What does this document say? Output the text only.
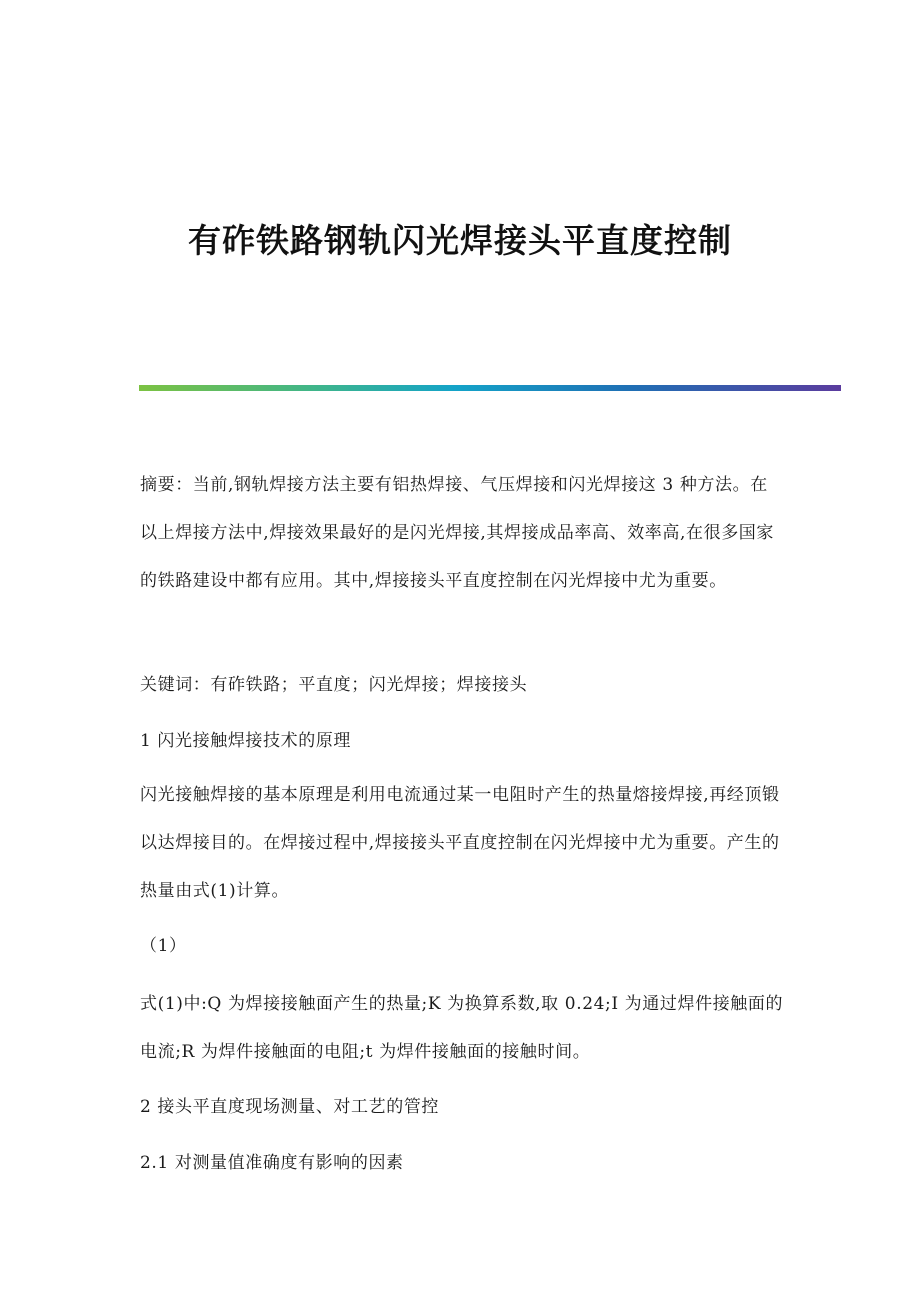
有砟铁路钢轨闪光焊接头平直度控制

摘要：当前,钢轨焊接方法主要有铝热焊接、气压焊接和闪光焊接这 3 种方法。在以上焊接方法中,焊接效果最好的是闪光焊接,其焊接成品率高、效率高,在很多国家的铁路建设中都有应用。其中,焊接接头平直度控制在闪光焊接中尤为重要。

关键词：有砟铁路；平直度；闪光焊接；焊接接头

1 闪光接触焊接技术的原理

闪光接触焊接的基本原理是利用电流通过某一电阻时产生的热量熔接焊接,再经顶锻以达焊接目的。在焊接过程中,焊接接头平直度控制在闪光焊接中尤为重要。产生的热量由式(1)计算。

（1）

式(1)中:Q 为焊接接触面产生的热量;K 为换算系数,取 0.24;I 为通过焊件接触面的电流;R 为焊件接触面的电阻;t 为焊件接触面的接触时间。

2 接头平直度现场测量、对工艺的管控

2.1 对测量值准确度有影响的因素
